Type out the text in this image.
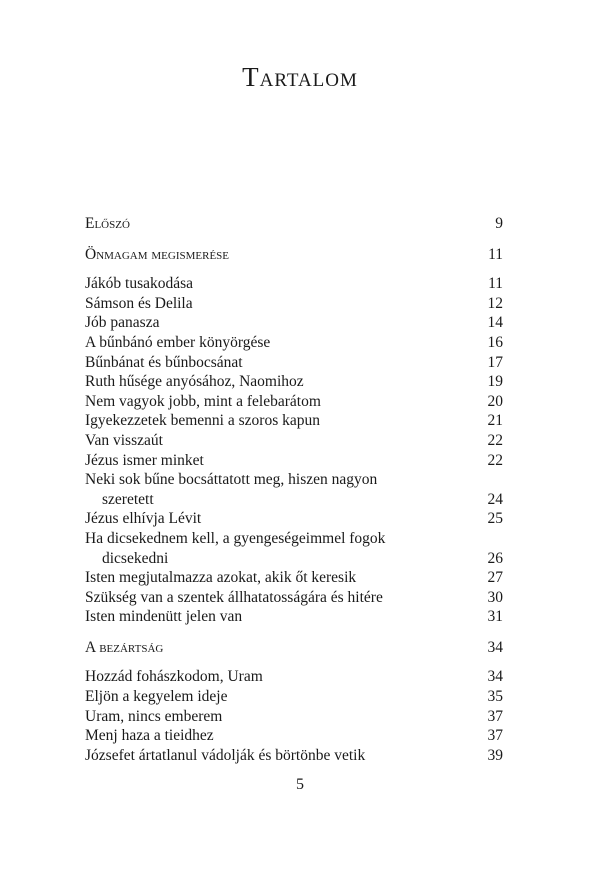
Tartalom
Előszó	9
Önmagam megismerése	11
Jákób tusakodása	11
Sámson és Delila	12
Jób panasza	14
A bűnbánó ember könyörgése	16
Bűnbánat és bűnbocsánat	17
Ruth hűsége anyósához, Naomihoz	19
Nem vagyok jobb, mint a felebarátom	20
Igyekezzetek bemenni a szoros kapun	21
Van visszaút	22
Jézus ismer minket	22
Neki sok bűne bocsáttatott meg, hiszen nagyon
szeretett	24
Jézus elhívja Lévit	25
Ha dicsekednem kell, a gyengeségeimmel fogok
dicsekedni	26
Isten megjutalmazza azokat, akik őt keresik	27
Szükség van a szentek állhatatosságára és hitére	30
Isten mindenütt jelen van	31
A bezártság	34
Hozzád fohászkodom, Uram	34
Eljön a kegyelem ideje	35
Uram, nincs emberem	37
Menj haza a tieidhez	37
Józsefet ártatlanul vádolják és börtönbe vetik	39
5
